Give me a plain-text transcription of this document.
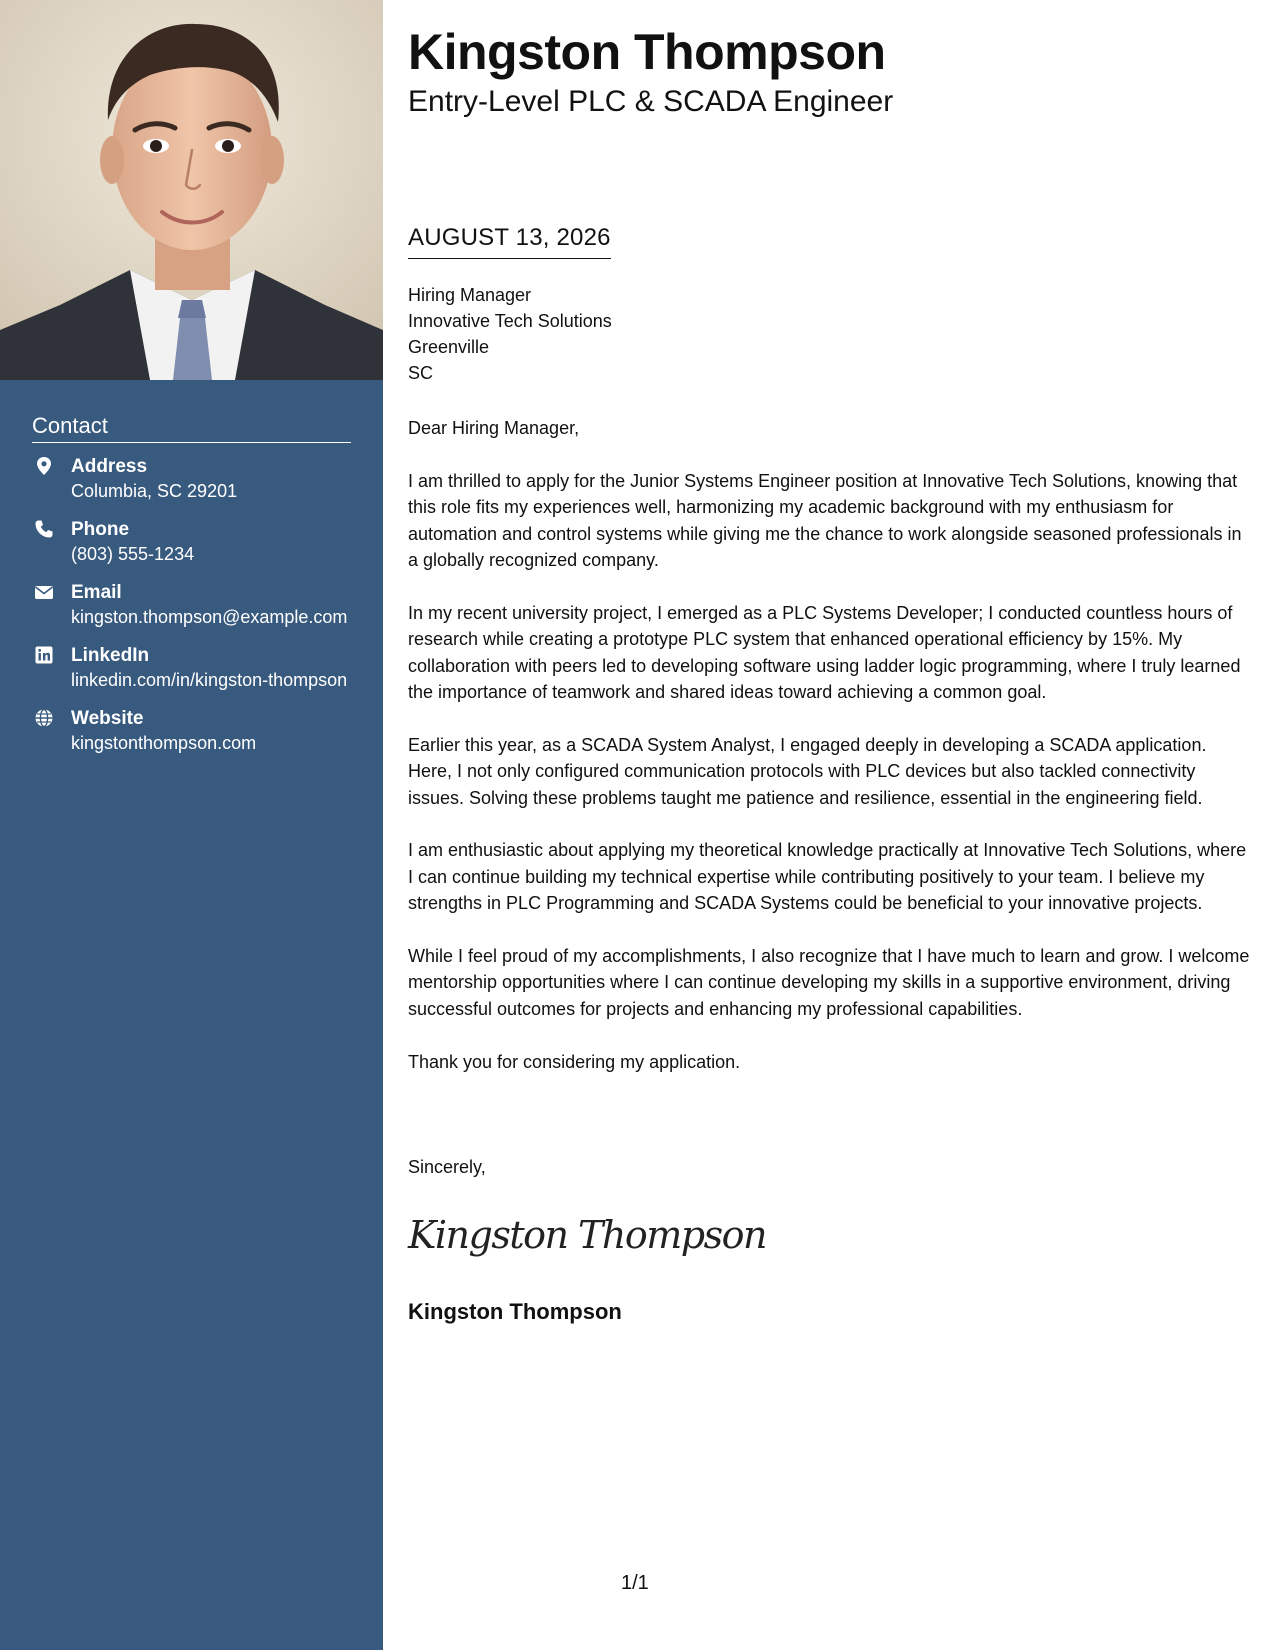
Contact
Address
Columbia, SC 29201
Phone
(803) 555-1234
Email
kingston.thompson@example.com
LinkedIn
linkedin.com/in/kingston-thompson
Website
kingstonthompson.com
Kingston Thompson
Entry-Level PLC & SCADA Engineer
AUGUST 13, 2026
Hiring Manager
Innovative Tech Solutions
Greenville
SC

Dear Hiring Manager,

I am thrilled to apply for the Junior Systems Engineer position at Innovative Tech Solutions, knowing that this role fits my experiences well, harmonizing my academic background with my enthusiasm for automation and control systems while giving me the chance to work alongside seasoned professionals in a globally recognized company.

In my recent university project, I emerged as a PLC Systems Developer; I conducted countless hours of research while creating a prototype PLC system that enhanced operational efficiency by 15%. My collaboration with peers led to developing software using ladder logic programming, where I truly learned the importance of teamwork and shared ideas toward achieving a common goal.

Earlier this year, as a SCADA System Analyst, I engaged deeply in developing a SCADA application. Here, I not only configured communication protocols with PLC devices but also tackled connectivity issues. Solving these problems taught me patience and resilience, essential in the engineering field.

I am enthusiastic about applying my theoretical knowledge practically at Innovative Tech Solutions, where I can continue building my technical expertise while contributing positively to your team. I believe my strengths in PLC Programming and SCADA Systems could be beneficial to your innovative projects.

While I feel proud of my accomplishments, I also recognize that I have much to learn and grow. I welcome mentorship opportunities where I can continue developing my skills in a supportive environment, driving successful outcomes for projects and enhancing my professional capabilities.

Thank you for considering my application.

Sincerely,
Kingston Thompson
Kingston Thompson
1/1
